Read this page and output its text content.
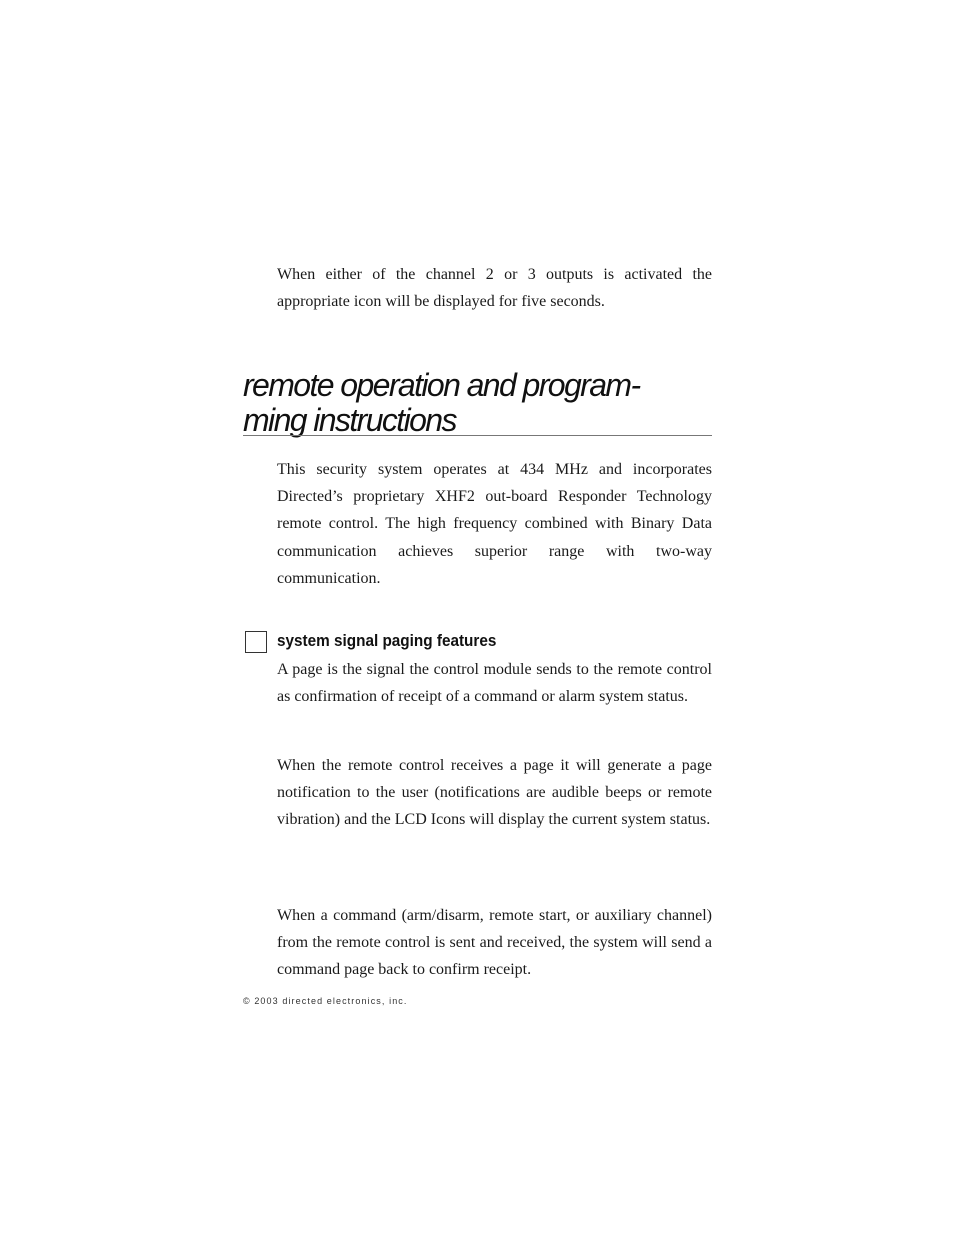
When either of the channel 2 or 3 outputs is activated the appropriate icon will be displayed for five seconds.

remote operation and program-
ming instructions

This security system operates at 434 MHz and incorporates Directed’s proprietary XHF2 out-board Responder Technology remote control. The high frequency combined with Binary Data communication achieves superior range with two-way communication.

system signal paging features

A page is the signal the control module sends to the remote control as confirmation of receipt of a command or alarm system status.

When the remote control receives a page it will generate a page notification to the user (notifications are audible beeps or remote vibration) and the LCD Icons will display the current system status.

When a command (arm/disarm, remote start, or auxiliary channel) from the remote control is sent and received, the system will send a command page back to confirm receipt.

© 2003 directed electronics, inc.
